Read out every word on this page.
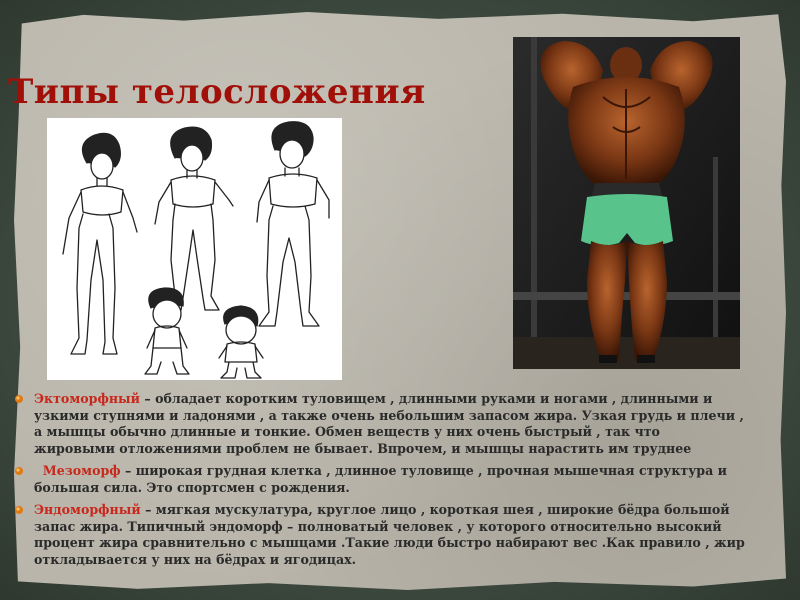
Типы телосложения
Эктоморфный – обладает коротким туловищем , длинными руками и ногами , длинными и узкими ступнями и ладонями , а также очень небольшим запасом жира. Узкая грудь и плечи , а мышцы обычно длинные и тонкие. Обмен веществ у них очень быстрый , так что жировыми отложениями проблем не бывает. Впрочем, и мышцы нарастить им труднее
Мезоморф – широкая грудная клетка , длинное туловище , прочная мышечная структура и большая сила. Это спортсмен с рождения.
Эндоморфный – мягкая мускулатура, круглое лицо , короткая шея , широкие бёдра большой запас жира. Типичный эндоморф – полноватый человек , у которого относительно высокий процент жира сравнительно с мышцами .Такие люди быстро набирают вес .Как правило , жир откладывается у них на бёдрах и ягодицах.
